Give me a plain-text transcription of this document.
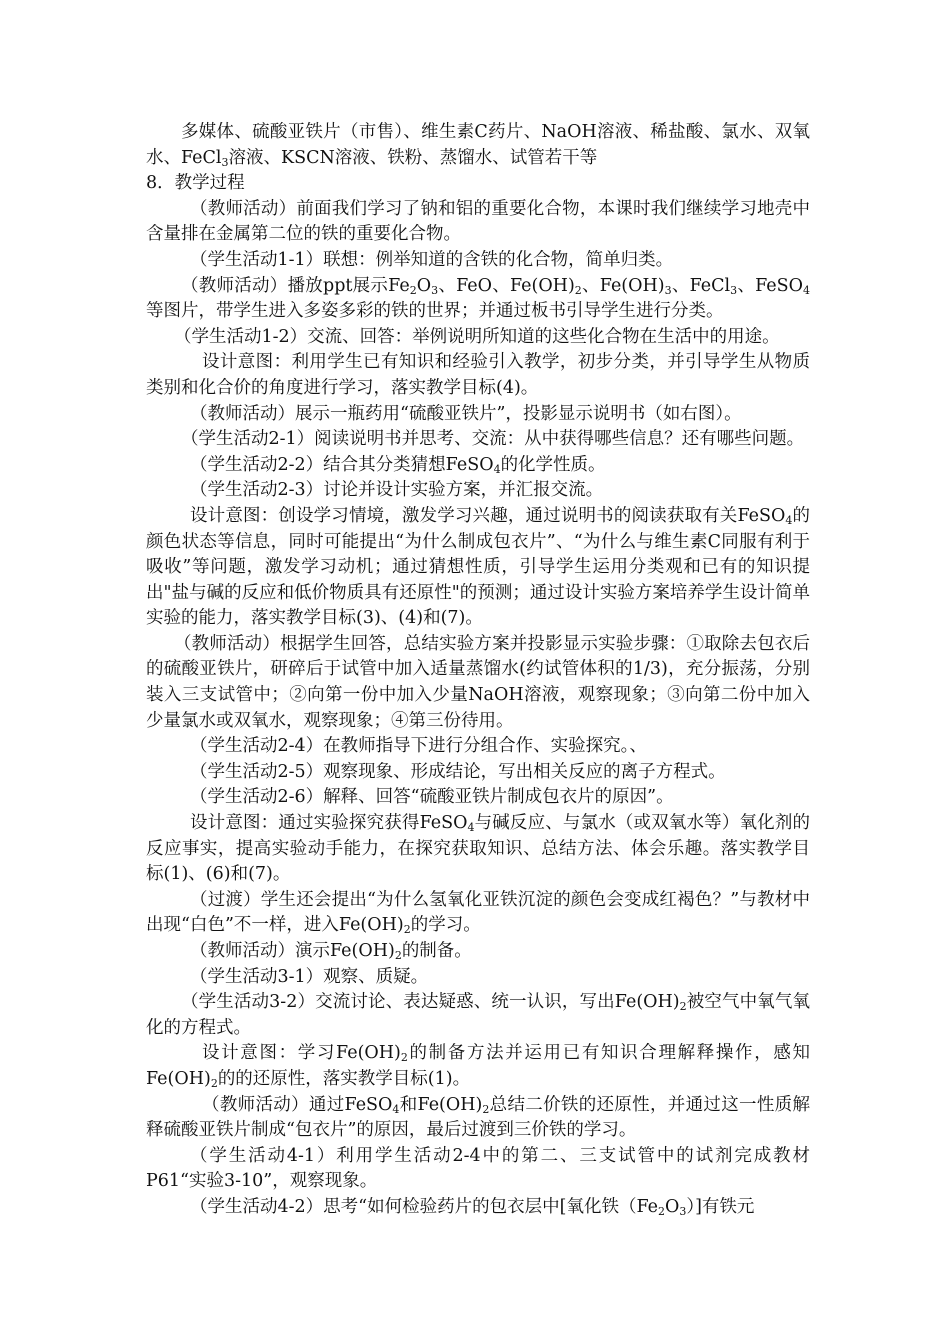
多媒体、硫酸亚铁片（市售）、维生素C药片、NaOH溶液、稀盐酸、氯水、双氧水、FeCl$_3$溶液、KSCN溶液、铁粉、蒸馏水、试管若干等

8．教学过程

（教师活动）前面我们学习了钠和铝的重要化合物，本课时我们继续学习地壳中含量排在金属第二位的铁的重要化合物。

（学生活动1-1）联想：例举知道的含铁的化合物，简单归类。

（教师活动）播放ppt展示$Fe_2O_3$、FeO、$Fe(OH)_2$、$Fe(OH)_3$、FeCl$_3$、FeSO$_4$等图片，带学生进入多姿多彩的铁的世界；并通过板书引导学生进行分类。

（学生活动1-2）交流、回答：举例说明所知道的这些化合物在生活中的用途。

设计意图：利用学生已有知识和经验引入教学，初步分类，并引导学生从物质类别和化合价的角度进行学习，落实教学目标(4)。

（教师活动）展示一瓶药用“硫酸亚铁片”，投影显示说明书（如右图）。

（学生活动2-1）阅读说明书并思考、交流：从中获得哪些信息？还有哪些问题。

（学生活动2-2）结合其分类猜想FeSO$_4$的化学性质。

（学生活动2-3）讨论并设计实验方案，并汇报交流。

设计意图：创设学习情境，激发学习兴趣，通过说明书的阅读获取有关FeSO$_4$的颜色状态等信息，同时可能提出“为什么制成包衣片”、“为什么与维生素C同服有利于吸收”等问题，激发学习动机；通过猜想性质，引导学生运用分类观和已有的知识提出"盐与碱的反应和低价物质具有还原性"的预测；通过设计实验方案培养学生设计简单实验的能力，落实教学目标(3)、(4)和(7)。

（教师活动）根据学生回答，总结实验方案并投影显示实验步骤：①取除去包衣后的硫酸亚铁片，研碎后于试管中加入适量蒸馏水(约试管体积的1/3)，充分振荡，分别装入三支试管中；②向第一份中加入少量NaOH溶液，观察现象；③向第二份中加入少量氯水或双氧水，观察现象；④第三份待用。

（学生活动2-4）在教师指导下进行分组合作、实验探究。、

（学生活动2-5）观察现象、形成结论，写出相关反应的离子方程式。

（学生活动2-6）解释、回答“硫酸亚铁片制成包衣片的原因”。

设计意图：通过实验探究获得FeSO$_4$与碱反应、与氯水（或双氧水等）氧化剂的反应事实，提高实验动手能力，在探究获取知识、总结方法、体会乐趣。落实教学目标(1)、(6)和(7)。

（过渡）学生还会提出“为什么氢氧化亚铁沉淀的颜色会变成红褐色？”与教材中出现“白色”不一样，进入$Fe(OH)_2$的学习。

（教师活动）演示$Fe(OH)_2$的制备。

（学生活动3-1）观察、质疑。

（学生活动3-2）交流讨论、表达疑惑、统一认识，写出$Fe(OH)_2$被空气中氧气氧化的方程式。

设计意图：学习$Fe(OH)_2$的制备方法并运用已有知识合理解释操作，感知$Fe(OH)_2$的的还原性，落实教学目标(1)。

（教师活动）通过FeSO$_4$和$Fe(OH)_2$总结二价铁的还原性，并通过这一性质解释硫酸亚铁片制成“包衣片”的原因，最后过渡到三价铁的学习。

（学生活动4-1）利用学生活动2-4中的第二、三支试管中的试剂完成教材P61“实验3-10”，观察现象。

（学生活动4-2）思考“如何检验药片的包衣层中[氧化铁$(Fe_2O_3)$]有铁元
